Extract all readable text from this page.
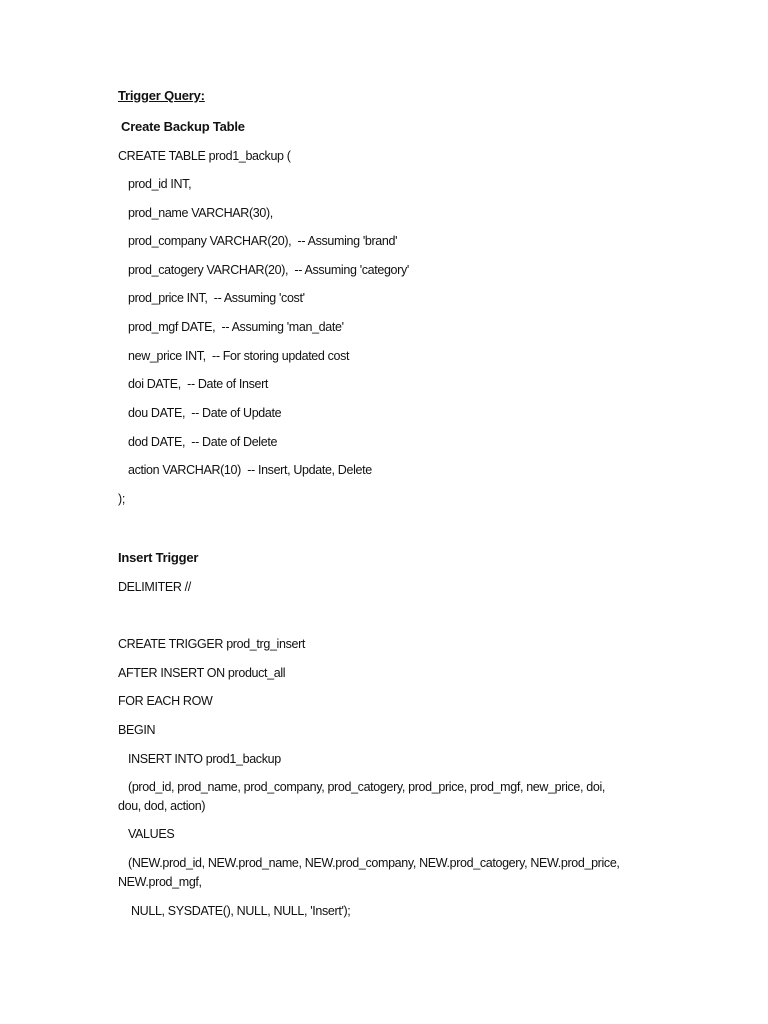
Trigger Query:
Create Backup Table
CREATE TABLE prod1_backup (
prod_id INT,
prod_name VARCHAR(30),
prod_company VARCHAR(20),  -- Assuming 'brand'
prod_catogery VARCHAR(20),  -- Assuming 'category'
prod_price INT,  -- Assuming 'cost'
prod_mgf DATE,  -- Assuming 'man_date'
new_price INT,  -- For storing updated cost
doi DATE,  -- Date of Insert
dou DATE,  -- Date of Update
dod DATE,  -- Date of Delete
action VARCHAR(10)  -- Insert, Update, Delete
);
Insert Trigger
DELIMITER //
CREATE TRIGGER prod_trg_insert
AFTER INSERT ON product_all
FOR EACH ROW
BEGIN
INSERT INTO prod1_backup
(prod_id, prod_name, prod_company, prod_catogery, prod_price, prod_mgf, new_price, doi,
dou, dod, action)
VALUES
(NEW.prod_id, NEW.prod_name, NEW.prod_company, NEW.prod_catogery, NEW.prod_price,
NEW.prod_mgf,
NULL, SYSDATE(), NULL, NULL, 'Insert');
